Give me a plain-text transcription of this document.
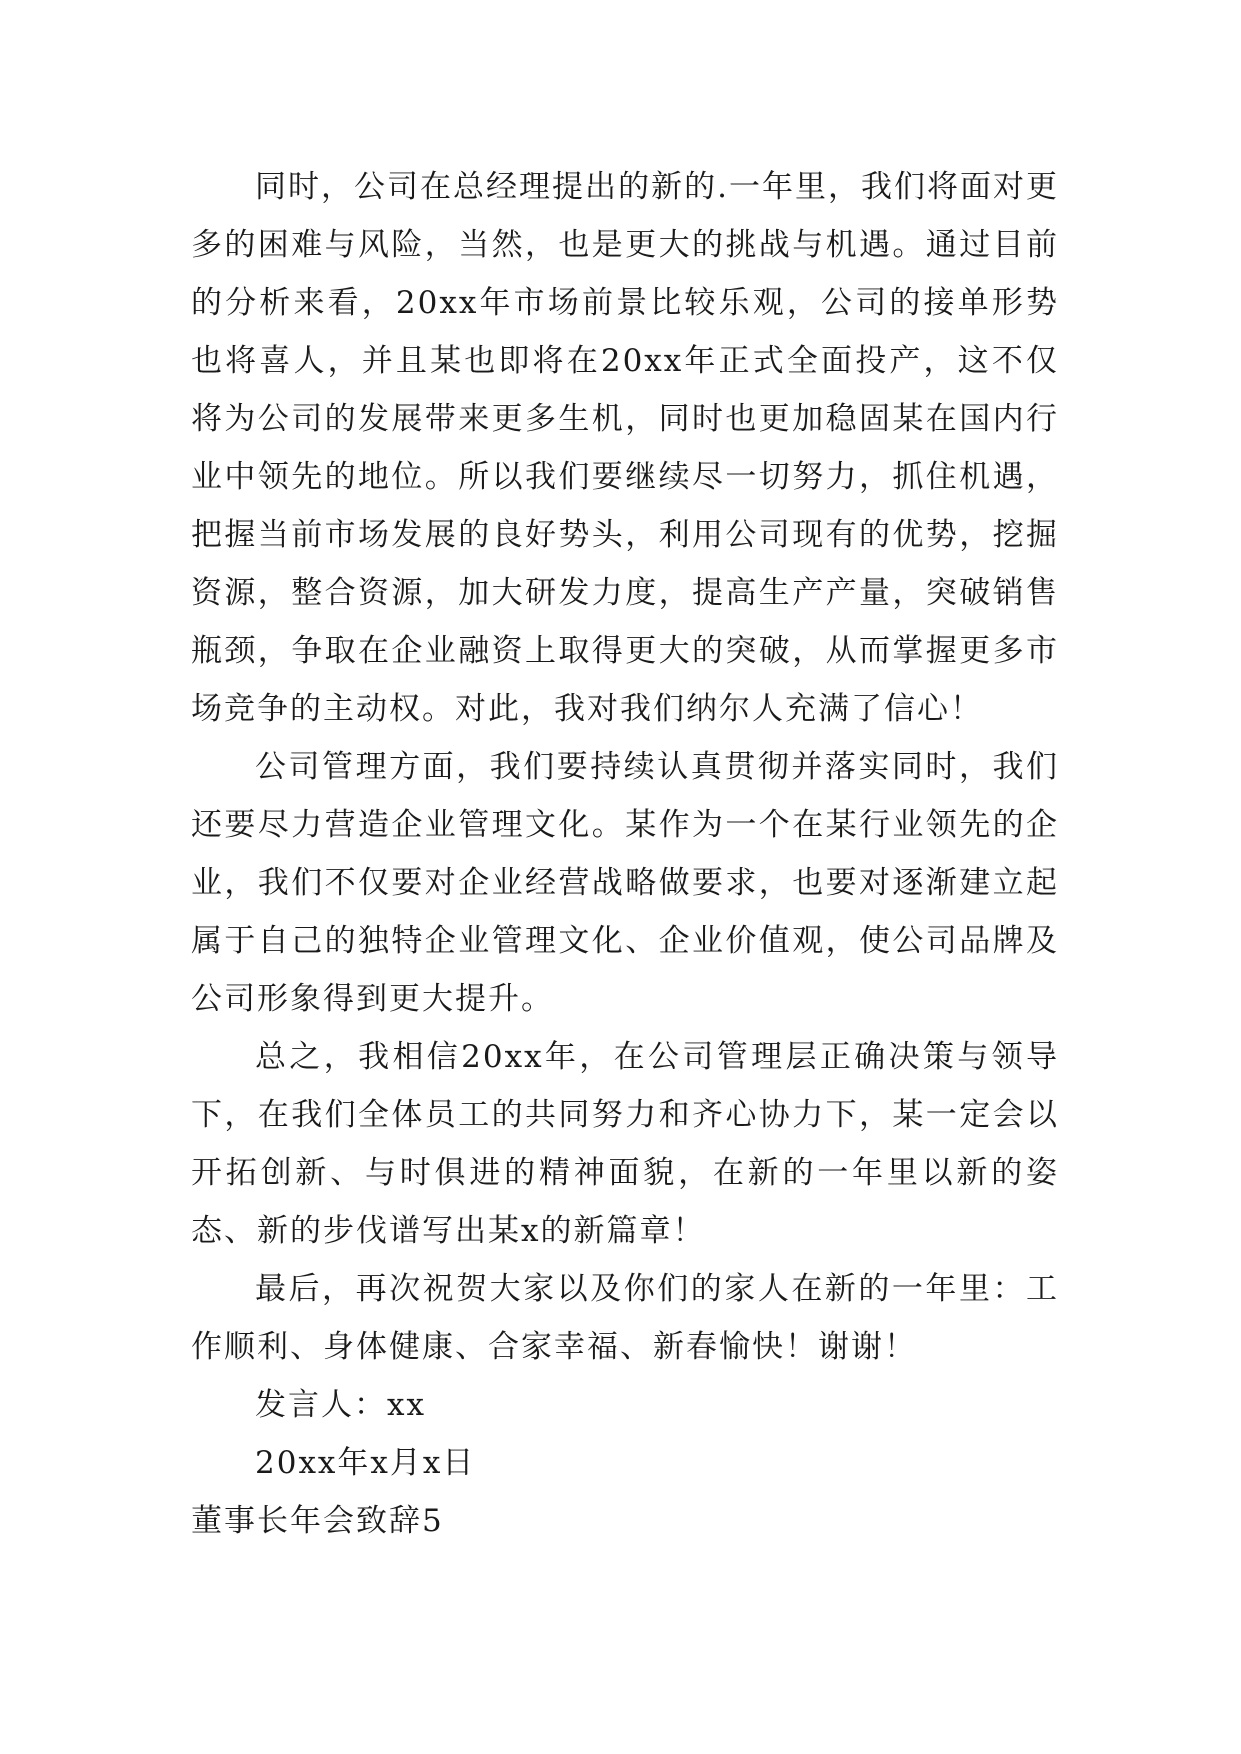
同时，公司在总经理提出的新的.一年里，我们将面对更多的困难与风险，当然，也是更大的挑战与机遇。通过目前的分析来看，20xx年市场前景比较乐观，公司的接单形势也将喜人，并且某也即将在20xx年正式全面投产，这不仅将为公司的发展带来更多生机，同时也更加稳固某在国内行业中领先的地位。所以我们要继续尽一切努力，抓住机遇，把握当前市场发展的良好势头，利用公司现有的优势，挖掘资源，整合资源，加大研发力度，提高生产产量，突破销售瓶颈，争取在企业融资上取得更大的突破，从而掌握更多市场竞争的主动权。对此，我对我们纳尔人充满了信心！

公司管理方面，我们要持续认真贯彻并落实同时，我们还要尽力营造企业管理文化。某作为一个在某行业领先的企业，我们不仅要对企业经营战略做要求，也要对逐渐建立起属于自己的独特企业管理文化、企业价值观，使公司品牌及公司形象得到更大提升。

总之，我相信20xx年，在公司管理层正确决策与领导下，在我们全体员工的共同努力和齐心协力下，某一定会以开拓创新、与时俱进的精神面貌，在新的一年里以新的姿态、新的步伐谱写出某x的新篇章！

最后，再次祝贺大家以及你们的家人在新的一年里：工作顺利、身体健康、合家幸福、新春愉快！谢谢！

发言人：xx

20xx年x月x日

董事长年会致辞5
